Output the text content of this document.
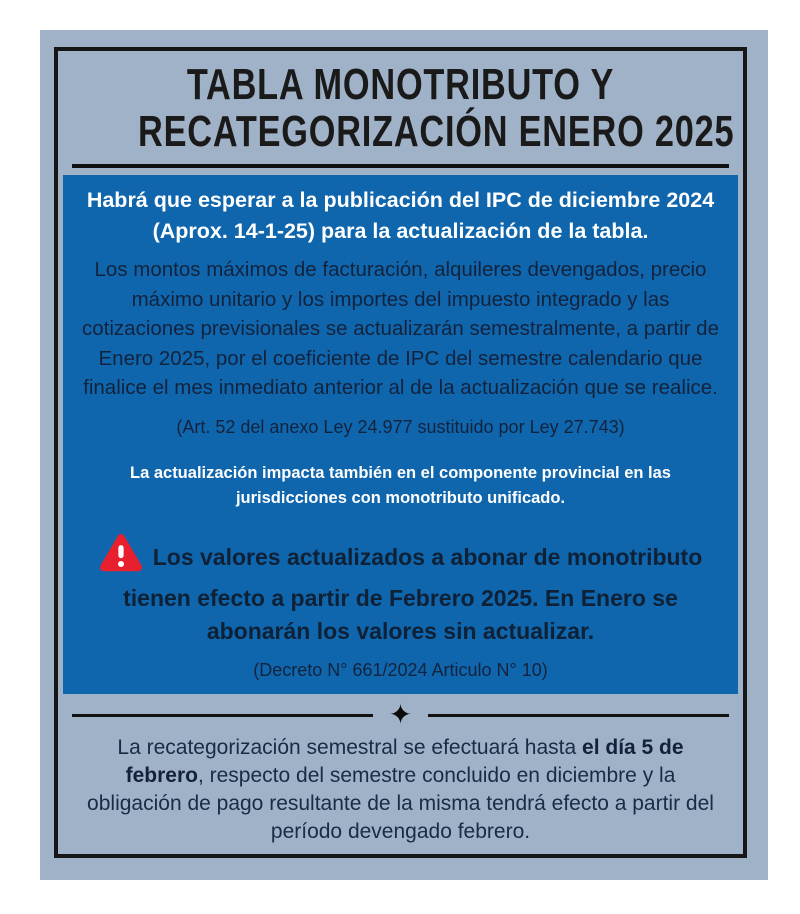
TABLA MONOTRIBUTO Y
RECATEGORIZACIÓN ENERO 2025

Habrá que esperar a la publicación del IPC de diciembre 2024 (Aprox. 14-1-25) para la actualización de la tabla.

Los montos máximos de facturación, alquileres devengados, precio máximo unitario y los importes del impuesto integrado y las cotizaciones previsionales se actualizarán semestralmente, a partir de Enero 2025, por el coeficiente de IPC del semestre calendario que finalice el mes inmediato anterior al de la actualización que se realice.

(Art. 52 del anexo Ley 24.977 sustituido por Ley 27.743)

La actualización impacta también en el componente provincial en las jurisdicciones con monotributo unificado.

Los valores actualizados a abonar de monotributo tienen efecto a partir de Febrero 2025. En Enero se abonarán los valores sin actualizar.

(Decreto N° 661/2024 Articulo N° 10)

✦

La recategorización semestral se efectuará hasta el día 5 de febrero, respecto del semestre concluido en diciembre y la obligación de pago resultante de la misma tendrá efecto a partir del período devengado febrero.
